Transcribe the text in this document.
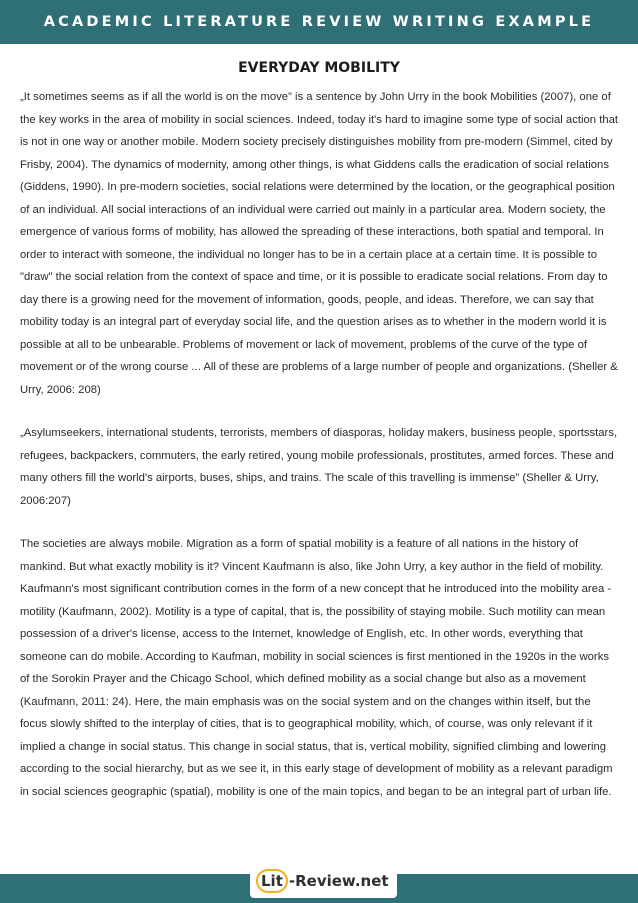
ACADEMIC LITERATURE REVIEW WRITING EXAMPLE
EVERYDAY MOBILITY

„It sometimes seems as if all the world is on the move” is a sentence by John Urry in the book Mobilities (2007), one of the key works in the area of mobility in social sciences. Indeed, today it's hard to imagine some type of social action that is not in one way or another mobile. Modern society precisely distinguishes mobility from pre-modern (Simmel, cited by Frisby, 2004). The dynamics of modernity, among other things, is what Giddens calls the eradication of social relations (Giddens, 1990). In pre-modern societies, social relations were determined by the location, or the geographical position of an individual. All social interactions of an individual were carried out mainly in a particular area. Modern society, the emergence of various forms of mobility, has allowed the spreading of these interactions, both spatial and temporal. In order to interact with someone, the individual no longer has to be in a certain place at a certain time. It is possible to "draw" the social relation from the context of space and time, or it is possible to eradicate social relations. From day to day there is a growing need for the movement of information, goods, people, and ideas. Therefore, we can say that mobility today is an integral part of everyday social life, and the question arises as to whether in the modern world it is possible at all to be unbearable. Problems of movement or lack of movement, problems of the curve of the type of movement or of the wrong course ... All of these are problems of a large number of people and organizations. (Sheller & Urry, 2006: 208)

„Asylumseekers, international students, terrorists, members of diasporas, holiday makers, business people, sportsstars, refugees, backpackers, commuters, the early retired, young mobile professionals, prostitutes, armed forces. These and many others fill the world's airports, buses, ships, and trains. The scale of this travelling is immense” (Sheller & Urry, 2006:207)

The societies are always mobile. Migration as a form of spatial mobility is a feature of all nations in the history of mankind. But what exactly mobility is it? Vincent Kaufmann is also, like John Urry, a key author in the field of mobility. Kaufmann's most significant contribution comes in the form of a new concept that he introduced into the mobility area - motility (Kaufmann, 2002). Motility is a type of capital, that is, the possibility of staying mobile. Such motility can mean possession of a driver's license, access to the Internet, knowledge of English, etc. In other words, everything that someone can do mobile. According to Kaufman, mobility in social sciences is first mentioned in the 1920s in the works of the Sorokin Prayer and the Chicago School, which defined mobility as a social change but also as a movement (Kaufmann, 2011: 24). Here, the main emphasis was on the social system and on the changes within itself, but the focus slowly shifted to the interplay of cities, that is to geographical mobility, which, of course, was only relevant if it implied a change in social status. This change in social status, that is, vertical mobility, signified climbing and lowering according to the social hierarchy, but as we see it, in this early stage of development of mobility as a relevant paradigm in social sciences geographic (spatial), mobility is one of the main topics, and began to be an integral part of urban life.

Lit -Review.net
